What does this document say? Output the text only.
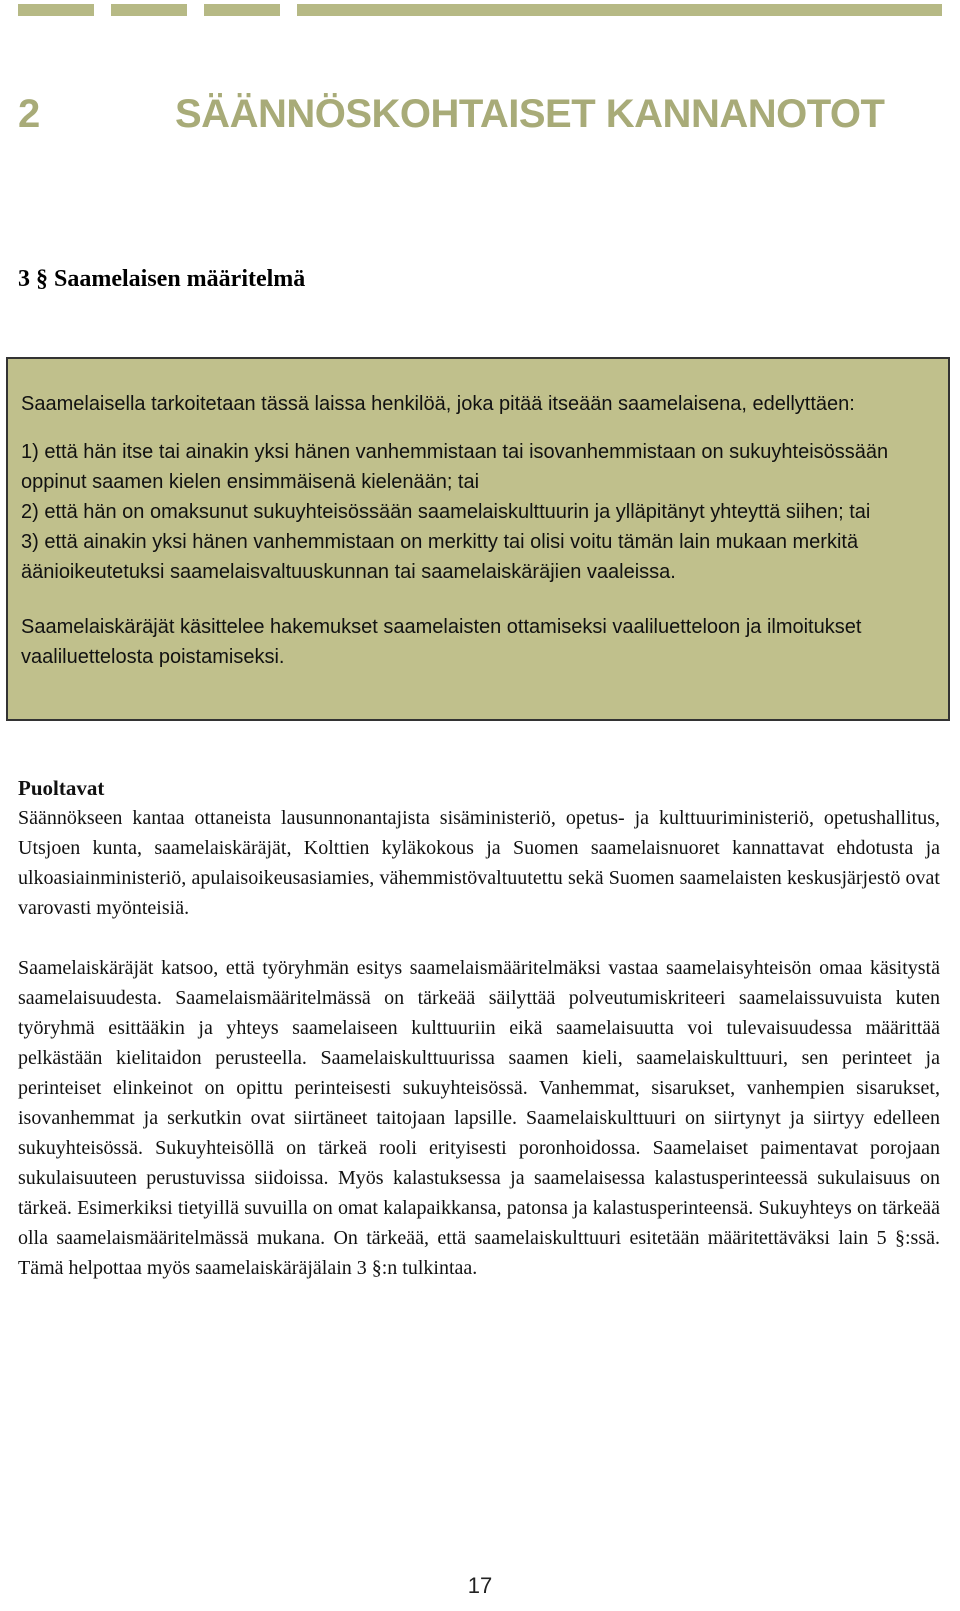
2	SÄÄNNÖSKOHTAISET KANNANOTOT
3 § Saamelaisen määritelmä

Saamelaisella tarkoitetaan tässä laissa henkilöä, joka pitää itseään saamelaisena, edellyttäen:

1) että hän itse tai ainakin yksi hänen vanhemmistaan tai isovanhemmistaan on sukuyhteisössään oppinut saamen kielen ensimmäisenä kielenään; tai

2) että hän on omaksunut sukuyhteisössään saamelaiskulttuurin ja ylläpitänyt yhteyttä siihen; tai

3) että ainakin yksi hänen vanhemmistaan on merkitty tai olisi voitu tämän lain mukaan merkitä äänioikeutetuksi saamelaisvaltuuskunnan tai saamelaiskäräjien vaaleissa.

Saamelaiskäräjät käsittelee hakemukset saamelaisten ottamiseksi vaaliluetteloon ja ilmoitukset vaaliluettelosta poistamiseksi.

Puoltavat

Säännökseen kantaa ottaneista lausunnonantajista sisäministeriö, opetus- ja kulttuuriministeriö, opetushallitus, Utsjoen kunta, saamelaiskäräjät, Kolttien kyläkokous ja Suomen saamelaisnuoret kannattavat ehdotusta ja ulkoasiainministeriö, apulaisoikeusasiamies, vähemmistövaltuutettu sekä Suomen saamelaisten keskusjärjestö ovat varovasti myönteisiä.

Saamelaiskäräjät katsoo, että työryhmän esitys saamelaismääritelmäksi vastaa saamelaisyhteisön omaa käsitystä saamelaisuudesta. Saamelaismääritelmässä on tärkeää säilyttää polveutumiskriteeri saamelaissuvuista kuten työryhmä esittääkin ja yhteys saamelaiseen kulttuuriin eikä saamelaisuutta voi tulevaisuudessa määrittää pelkästään kielitaidon perusteella. Saamelaiskulttuurissa saamen kieli, saamelaiskulttuuri, sen perinteet ja perinteiset elinkeinot on opittu perinteisesti sukuyhteisössä. Vanhemmat, sisarukset, vanhempien sisarukset, isovanhemmat ja serkutkin ovat siirtäneet taitojaan lapsille. Saamelaiskulttuuri on siirtynyt ja siirtyy edelleen sukuyhteisössä. Sukuyhteisöllä on tärkeä rooli erityisesti poronhoidossa. Saamelaiset paimentavat porojaan sukulaisuuteen perustuvissa siidoissa. Myös kalastuksessa ja saamelaisessa kalastusperinteessä sukulaisuus on tärkeä. Esimerkiksi tietyillä suvuilla on omat kalapaikkansa, patonsa ja kalastusperinteensä. Sukuyhteys on tärkeää olla saamelaismääritelmässä mukana. On tärkeää, että saamelaiskulttuuri esitetään määritettäväksi lain 5 §:ssä. Tämä helpottaa myös saamelaiskäräjälain 3 §:n tulkintaa.

17
